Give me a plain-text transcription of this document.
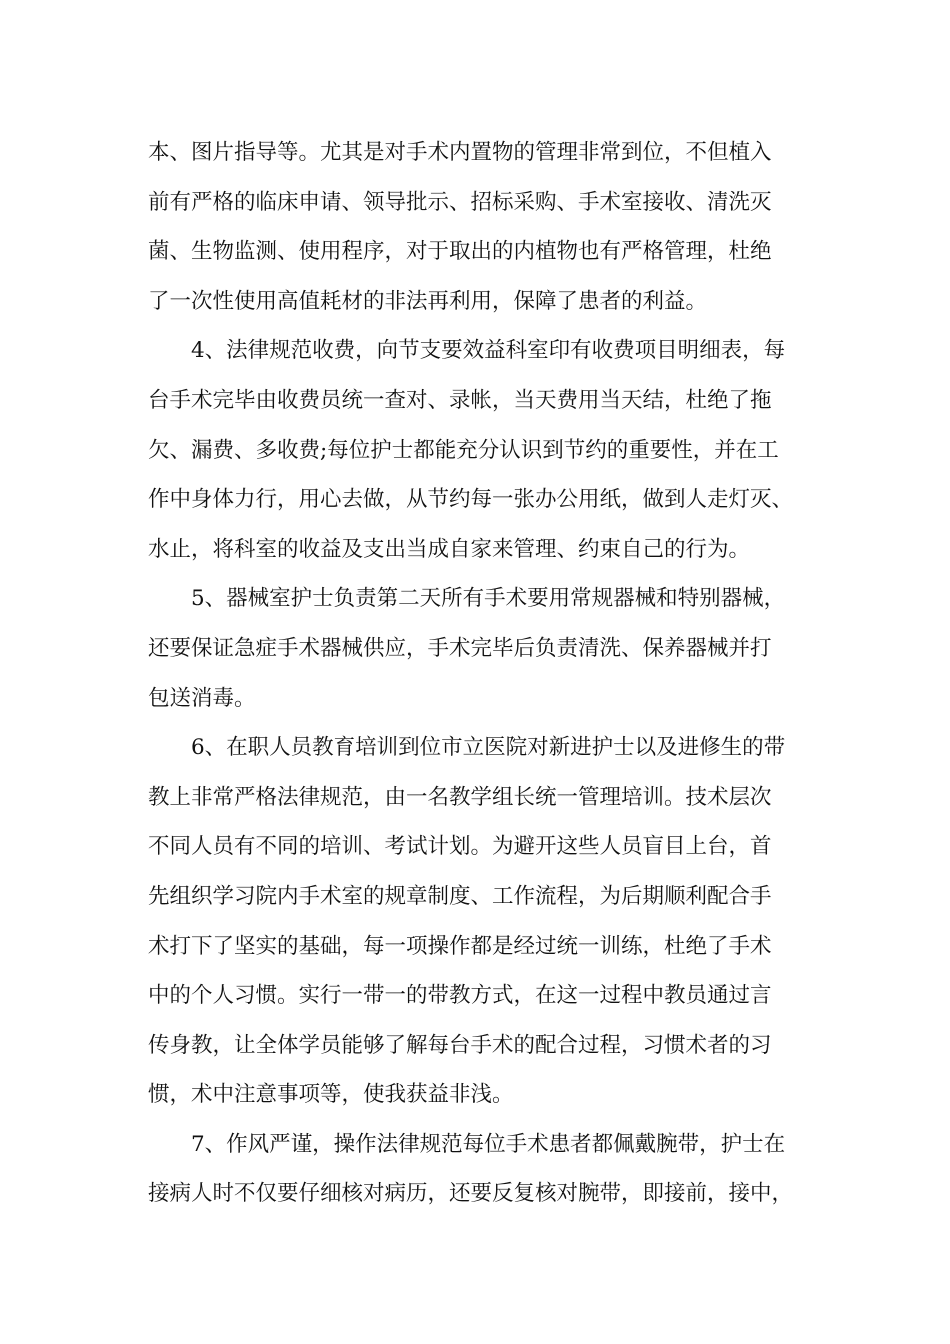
本、图片指导等。尤其是对手术内置物的管理非常到位，不但植入
前有严格的临床申请、领导批示、招标采购、手术室接收、清洗灭
菌、生物监测、使用程序，对于取出的内植物也有严格管理，杜绝
了一次性使用高值耗材的非法再利用，保障了患者的利益。
　　4、法律规范收费，向节支要效益科室印有收费项目明细表，每
台手术完毕由收费员统一查对、录帐，当天费用当天结，杜绝了拖
欠、漏费、多收费;每位护士都能充分认识到节约的重要性，并在工
作中身体力行，用心去做，从节约每一张办公用纸，做到人走灯灭、
水止，将科室的收益及支出当成自家来管理、约束自己的行为。
　　5、器械室护士负责第二天所有手术要用常规器械和特别器械，
还要保证急症手术器械供应，手术完毕后负责清洗、保养器械并打
包送消毒。
　　6、在职人员教育培训到位市立医院对新进护士以及进修生的带
教上非常严格法律规范，由一名教学组长统一管理培训。技术层次
不同人员有不同的培训、考试计划。为避开这些人员盲目上台，首
先组织学习院内手术室的规章制度、工作流程，为后期顺利配合手
术打下了坚实的基础，每一项操作都是经过统一训练，杜绝了手术
中的个人习惯。实行一带一的带教方式，在这一过程中教员通过言
传身教，让全体学员能够了解每台手术的配合过程，习惯术者的习
惯，术中注意事项等，使我获益非浅。
　　7、作风严谨，操作法律规范每位手术患者都佩戴腕带，护士在
接病人时不仅要仔细核对病历，还要反复核对腕带，即接前，接中，
